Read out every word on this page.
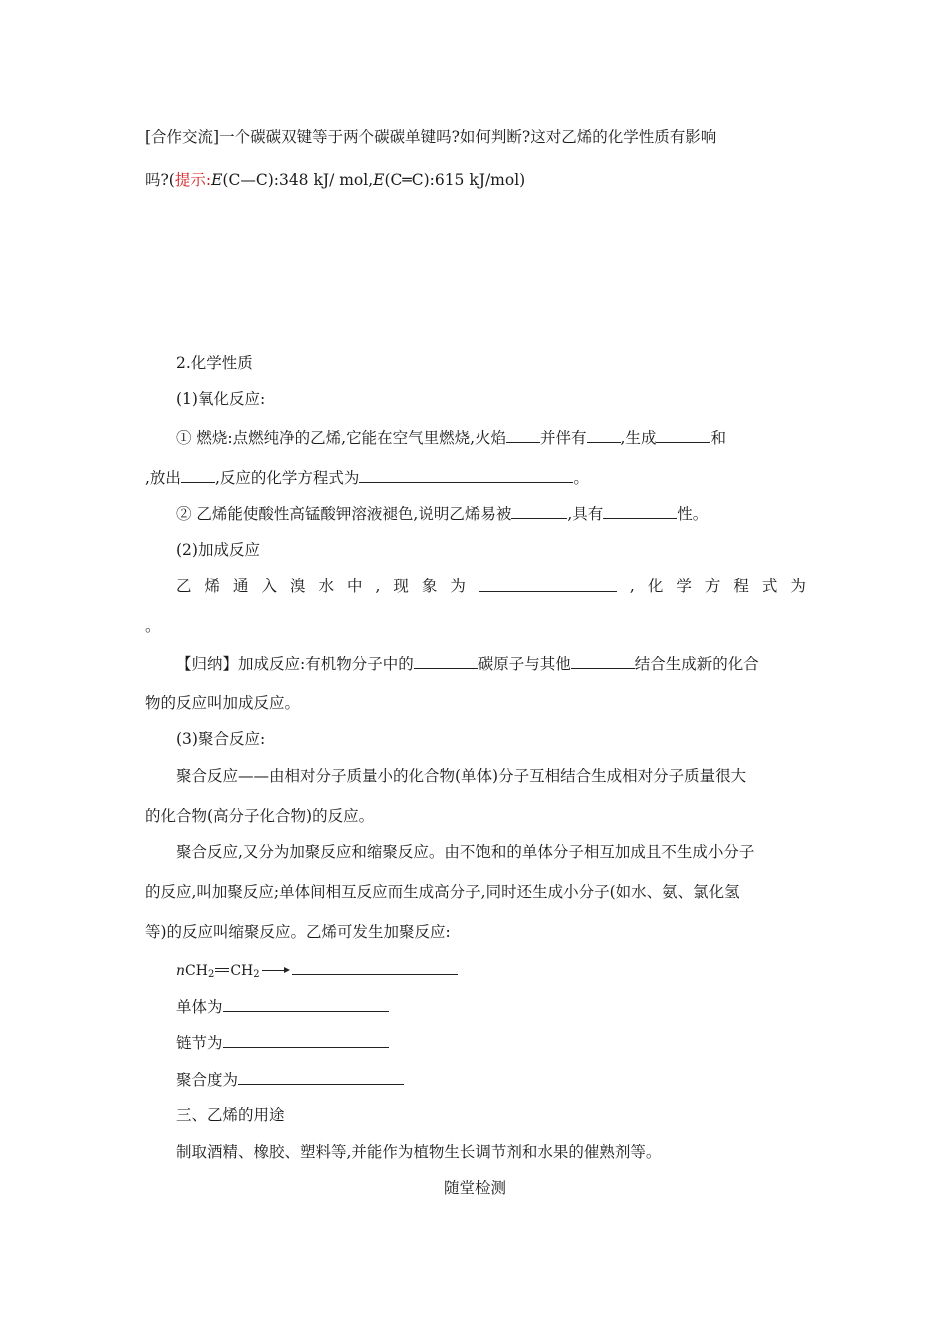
[合作交流]一个碳碳双键等于两个碳碳单键吗?如何判断?这对乙烯的化学性质有影响
吗?(提示:E(C—C):348 kJ/ mol,E(C═C):615 kJ/mol)
2.化学性质
(1)氧化反应:
① 燃烧:点燃纯净的乙烯,它能在空气里燃烧,火焰 并伴有 ,生成	和
,放出 ,反应的化学方程式为	。
② 乙烯能使酸性高锰酸钾溶液褪色,说明乙烯易被	,具有	性。
(2)加成反应
乙 烯 通 入 溴 水 中 , 现 象 为	, 化 学 方 程 式 为
。
【归纳】加成反应:有机物分子中的	碳原子与其他	结合生成新的化合
物的反应叫加成反应。
(3)聚合反应:
聚合反应——由相对分子质量小的化合物(单体)分子互相结合生成相对分子质量很大
的化合物(高分子化合物)的反应。
聚合反应,又分为加聚反应和缩聚反应。由不饱和的单体分子相互加成且不生成小分子
的反应,叫加聚反应;单体间相互反应而生成高分子,同时还生成小分子(如水、氨、氯化氢
等)的反应叫缩聚反应。乙烯可发生加聚反应:
nCH$_2$ $CH_2$
单体为
链节为
聚合度为
三、乙烯的用途
制取酒精、橡胶、塑料等,并能作为植物生长调节剂和水果的催熟剂等。
随堂检测
